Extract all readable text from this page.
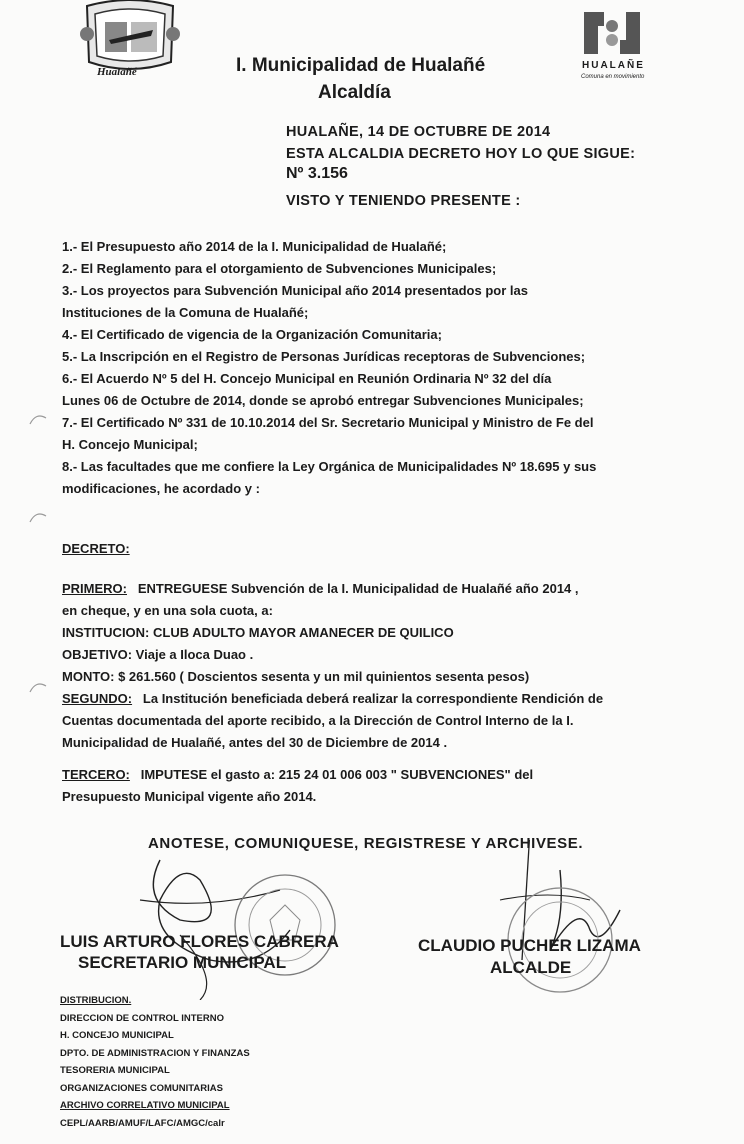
Hualañé	I. Municipalidad de Hualañé
Alcaldía
HUALAÑE
Comuna en movimiento
HUALAÑE, 14 DE OCTUBRE DE 2014
ESTA ALCALDIA DECRETO HOY LO QUE SIGUE:
Nº 3.156
VISTO Y TENIENDO PRESENTE :
1.- El Presupuesto año 2014 de la I. Municipalidad de Hualañé;
2.- El Reglamento para el otorgamiento de Subvenciones Municipales;
3.- Los proyectos para Subvención Municipal año 2014 presentados por las
Instituciones de la Comuna de Hualañé;
4.- El Certificado de vigencia de la Organización Comunitaria;
5.- La Inscripción en el Registro de Personas Jurídicas receptoras de Subvenciones;
6.- El Acuerdo Nº 5 del H. Concejo Municipal en Reunión Ordinaria Nº 32 del día
Lunes 06 de Octubre de 2014, donde se aprobó entregar Subvenciones Municipales;
7.- El Certificado Nº 331 de 10.10.2014 del Sr. Secretario Municipal y Ministro de Fe del
H. Concejo Municipal;
8.- Las facultades que me confiere la Ley Orgánica de Municipalidades Nº 18.695 y sus
modificaciones, he acordado y :
DECRETO:
PRIMERO: ENTREGUESE Subvención de la I. Municipalidad de Hualañé año 2014 ,
en cheque, y en una sola cuota, a:
INSTITUCION: CLUB ADULTO MAYOR AMANECER DE QUILICO
OBJETIVO: Viaje a Iloca Duao .
MONTO: $ 261.560 ( Doscientos sesenta y un mil quinientos sesenta pesos)
SEGUNDO: La Institución beneficiada deberá realizar la correspondiente Rendición de
Cuentas documentada del aporte recibido, a la Dirección de Control Interno de la I.
Municipalidad de Hualañé, antes del 30 de Diciembre de 2014 .
TERCERO: IMPUTESE el gasto a: 215 24 01 006 003 " SUBVENCIONES" del
Presupuesto Municipal vigente año 2014.
ANOTESE, COMUNIQUESE, REGISTRESE Y ARCHIVESE.
LUIS ARTURO FLORES CABRERA
SECRETARIO MUNICIPAL
CLAUDIO PUCHER LIZAMA
ALCALDE
DISTRIBUCION.
DIRECCION DE CONTROL INTERNO
H. CONCEJO MUNICIPAL
DPTO. DE ADMINISTRACION Y FINANZAS
TESORERIA MUNICIPAL
ORGANIZACIONES COMUNITARIAS
ARCHIVO CORRELATIVO MUNICIPAL
CEPL/AARB/AMUF/LAFC/AMGC/calr
